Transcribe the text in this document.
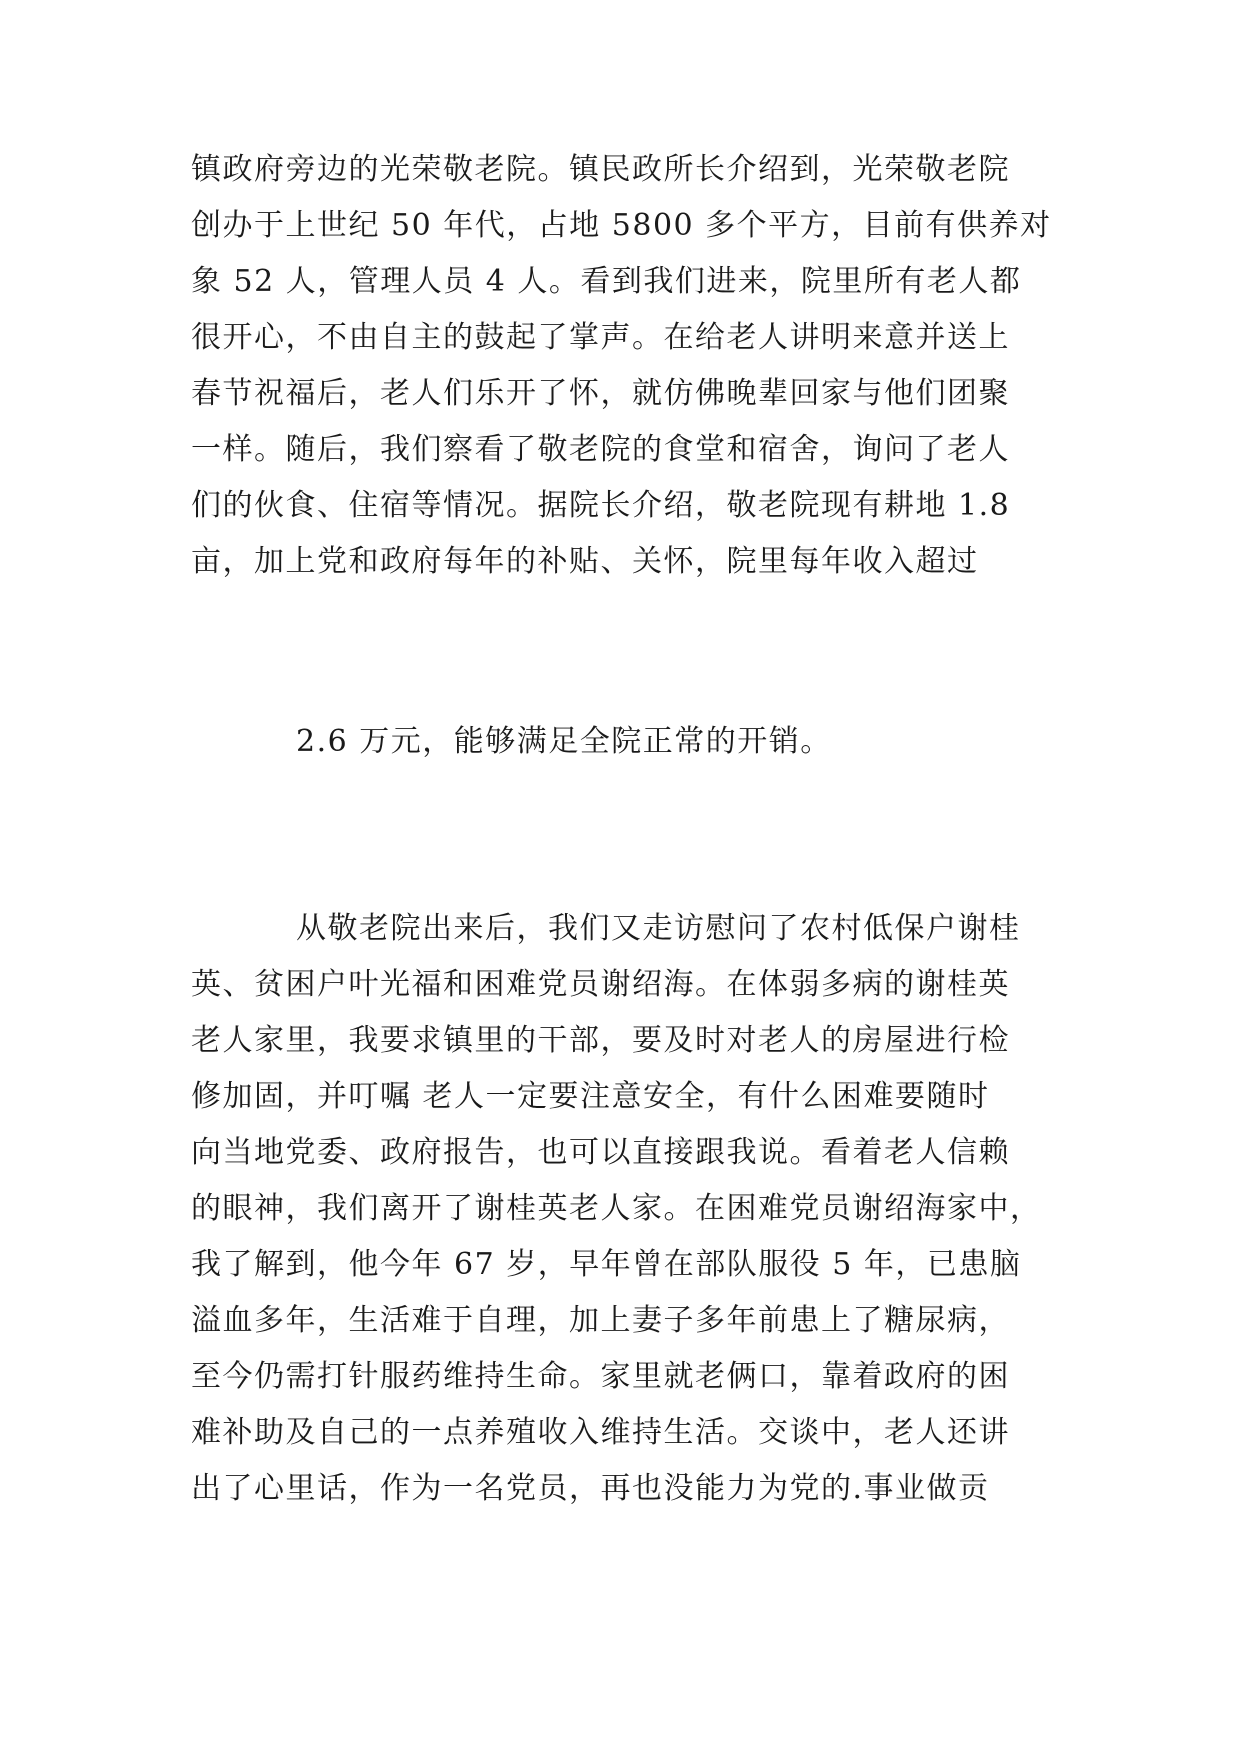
镇政府旁边的光荣敬老院。镇民政所长介绍到，光荣敬老院
创办于上世纪 50 年代，占地 5800 多个平方，目前有供养对
象 52 人，管理人员 4 人。看到我们进来，院里所有老人都
很开心，不由自主的鼓起了掌声。在给老人讲明来意并送上
春节祝福后，老人们乐开了怀，就仿佛晚辈回家与他们团聚
一样。随后，我们察看了敬老院的食堂和宿舍，询问了老人
们的伙食、住宿等情况。据院长介绍，敬老院现有耕地 1.8
亩，加上党和政府每年的补贴、关怀，院里每年收入超过
2.6 万元，能够满足全院正常的开销。
从敬老院出来后，我们又走访慰问了农村低保户谢桂
英、贫困户叶光福和困难党员谢绍海。在体弱多病的谢桂英
老人家里，我要求镇里的干部，要及时对老人的房屋进行检
修加固，并叮嘱 老人一定要注意安全，有什么困难要随时
向当地党委、政府报告，也可以直接跟我说。看着老人信赖
的眼神，我们离开了谢桂英老人家。在困难党员谢绍海家中，
我了解到，他今年 67 岁，早年曾在部队服役 5 年，已患脑
溢血多年，生活难于自理，加上妻子多年前患上了糖尿病，
至今仍需打针服药维持生命。家里就老俩口，靠着政府的困
难补助及自己的一点养殖收入维持生活。交谈中，老人还讲
出了心里话，作为一名党员，再也没能力为党的.事业做贡
